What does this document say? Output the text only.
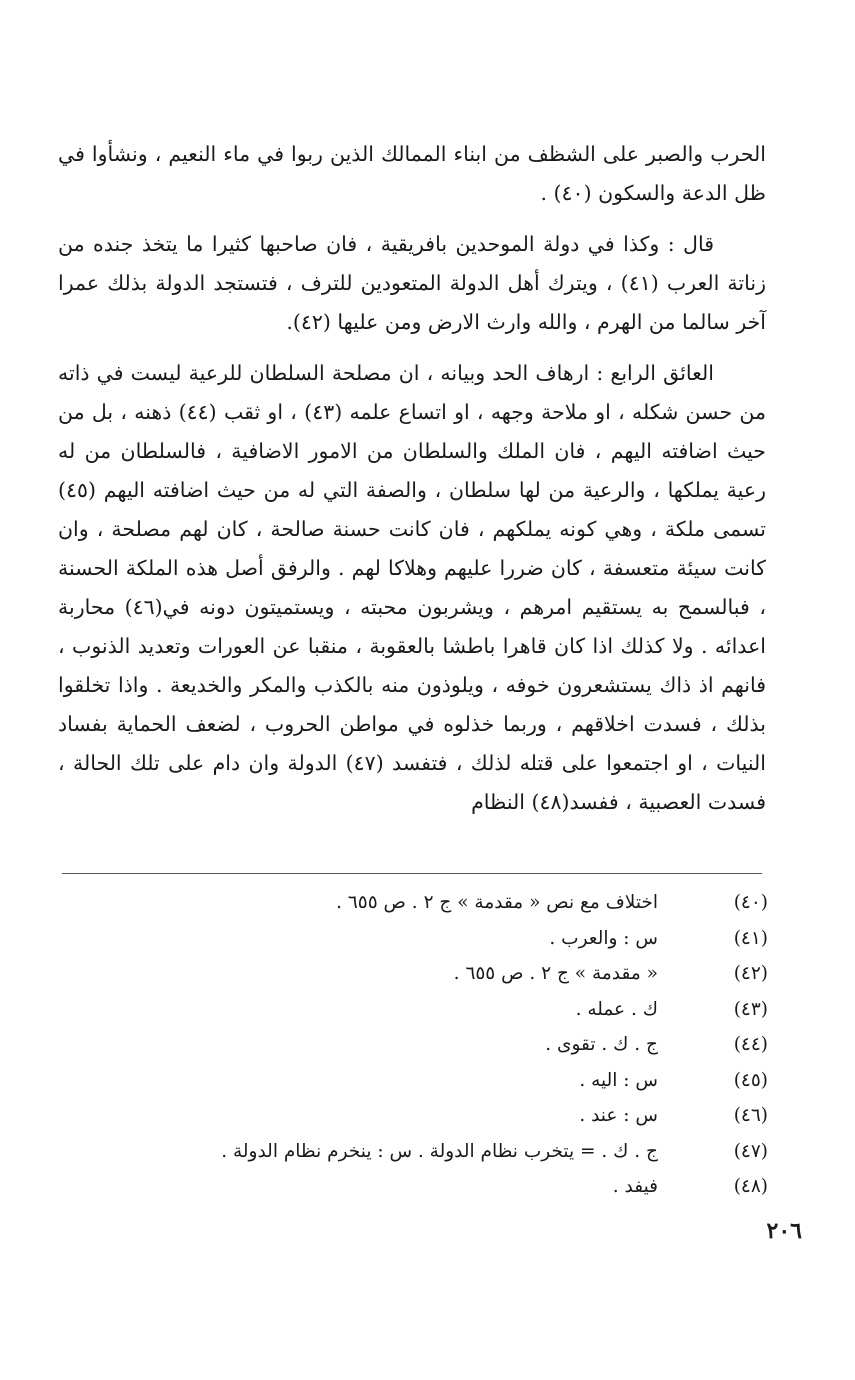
الحرب والصبر على الشظف من ابناء الممالك الذين ربوا في ماء النعيم ، ونشأوا في ظل الدعة والسكون (٤٠) .

قال : وكذا في دولة الموحدين بافريقية ، فان صاحبها كثيرا ما يتخذ جنده من زناتة العرب (٤١) ، ويترك أهل الدولة المتعودين للترف ، فتستجد الدولة بذلك عمرا آخر سالما من الهرم ، والله وارث الارض ومن عليها (٤٢).

العائق الرابع : ارهاف الحد وبيانه ، ان مصلحة السلطان للرعية ليست في ذاته من حسن شكله ، او ملاحة وجهه ، او اتساع علمه (٤٣) ، او ثقب (٤٤) ذهنه ، بل من حيث اضافته اليهم ، فان الملك والسلطان من الامور الاضافية ، فالسلطان من له رعية يملكها ، والرعية من لها سلطان ، والصفة التي له من حيث اضافته اليهم (٤٥) تسمى ملكة ، وهي كونه يملكهم ، فان كانت حسنة صالحة ، كان لهم مصلحة ، وان كانت سيئة متعسفة ، كان ضررا عليهم وهلاكا لهم . والرفق أصل هذه الملكة الحسنة ، فبالسمح به يستقيم امرهم ، ويشربون محبته ، ويستميتون دونه في(٤٦) محاربة اعدائه . ولا كذلك اذا كان قاهرا باطشا بالعقوبة ، منقبا عن العورات وتعديد الذنوب ، فانهم اذ ذاك يستشعرون خوفه ، ويلوذون منه بالكذب والمكر والخديعة . واذا تخلقوا بذلك ، فسدت اخلاقهم ، وربما خذلوه في مواطن الحروب ، لضعف الحماية بفساد النيات ، او اجتمعوا على قتله لذلك ، فتفسد (٤٧) الدولة وان دام على تلك الحالة ، فسدت العصبية ، ففسد(٤٨) النظام

(٤٠)
اختلاف مع نص « مقدمة » ج ٢ . ص ٦٥٥ .
(٤١)
س : والعرب .
(٤٢)
« مقدمة » ج ٢ . ص ٦٥٥ .
(٤٣)
ك . عمله .
(٤٤)
ج . ك . تقوى .
(٤٥)
س : اليه .
(٤٦)
س : عند .
(٤٧)
ج . ك . = يتخرب نظام الدولة . س : ينخرم نظام الدولة .
(٤٨)
فيفد .
٢٠٦
